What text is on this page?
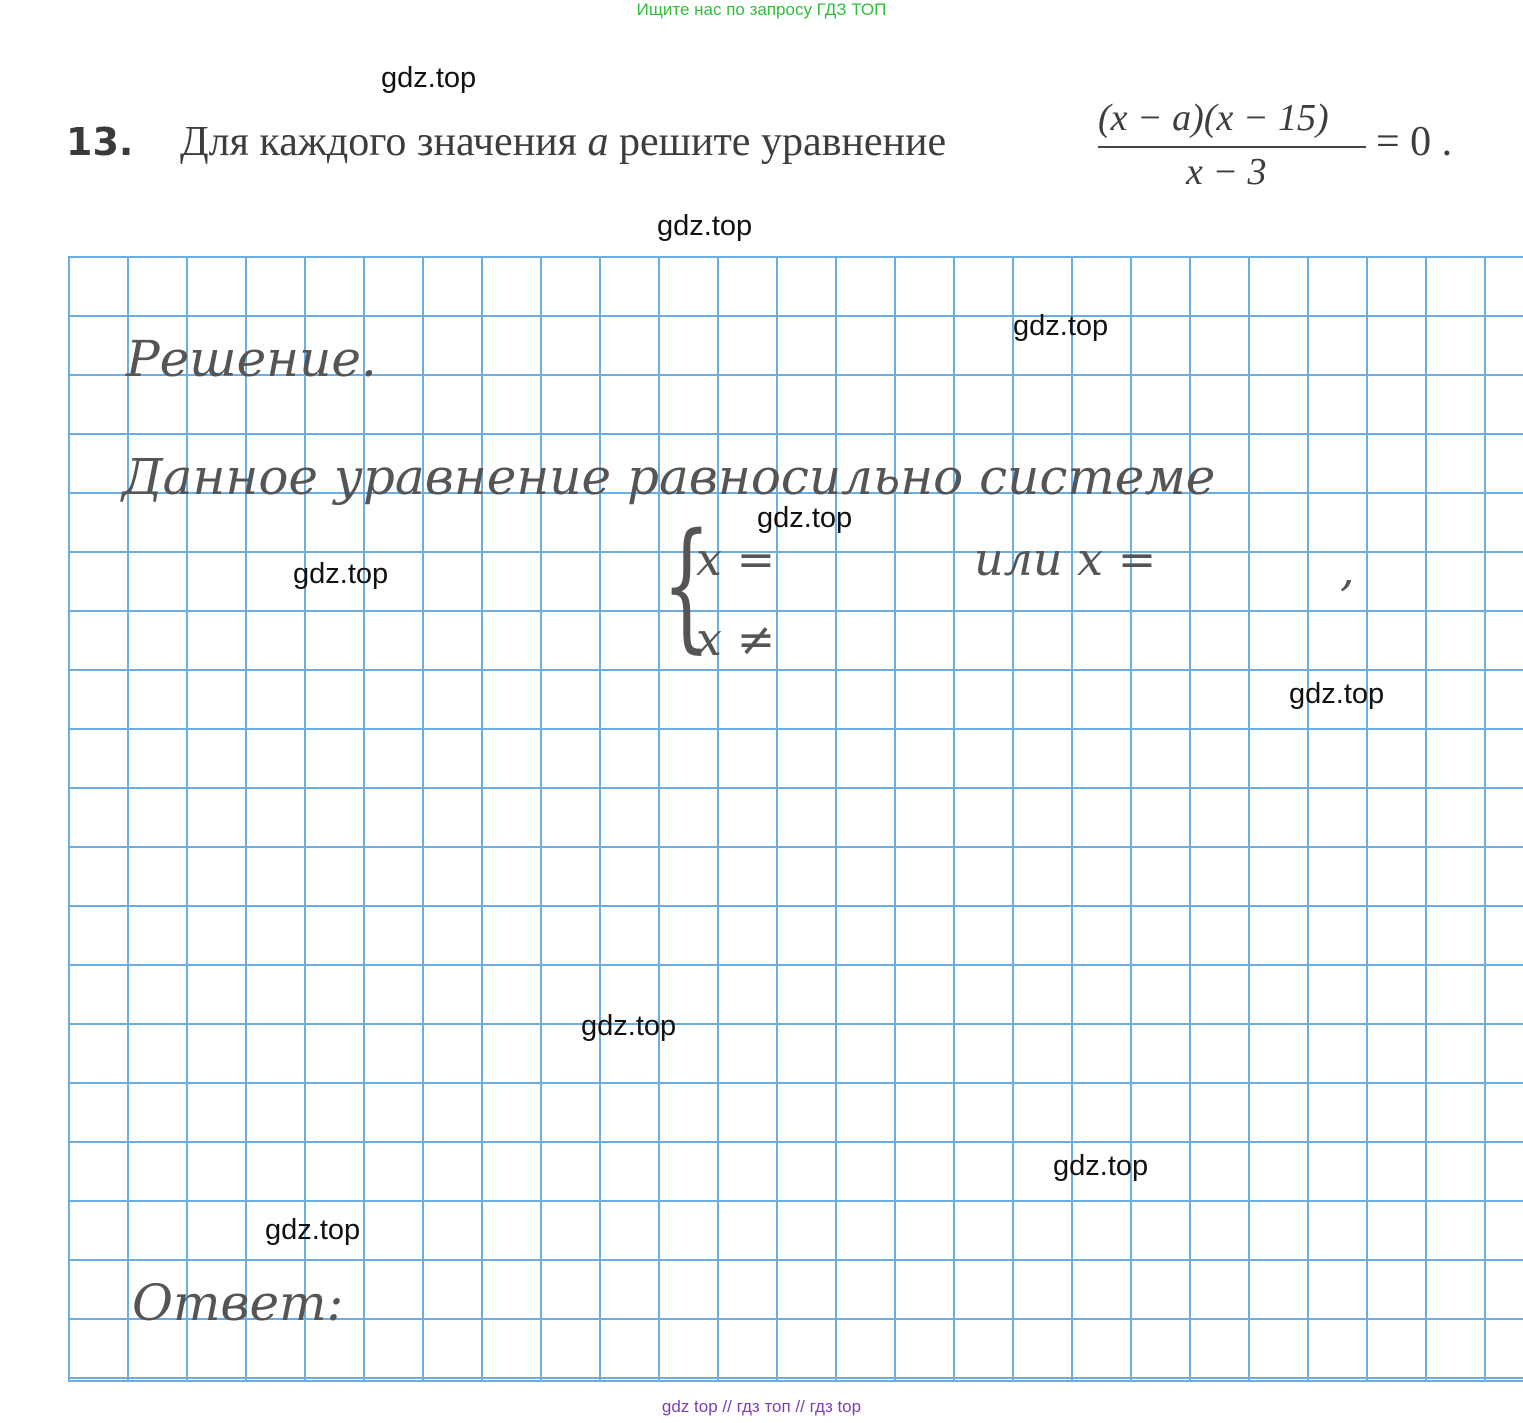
Ищите нас по запросу ГДЗ ТОП
13. Для каждого значения a решите уравнение
(x − a)(x − 15)
x − 3
= 0 .
Решение.
Данное уравнение равносильно системе
{
x =
x ≠
или x =	,
Ответ:
gdz.top
gdz.top
gdz.top
gdz.top
gdz.top
gdz.top
gdz.top
gdz.top
gdz.top
gdz top // гдз топ // гдз top
